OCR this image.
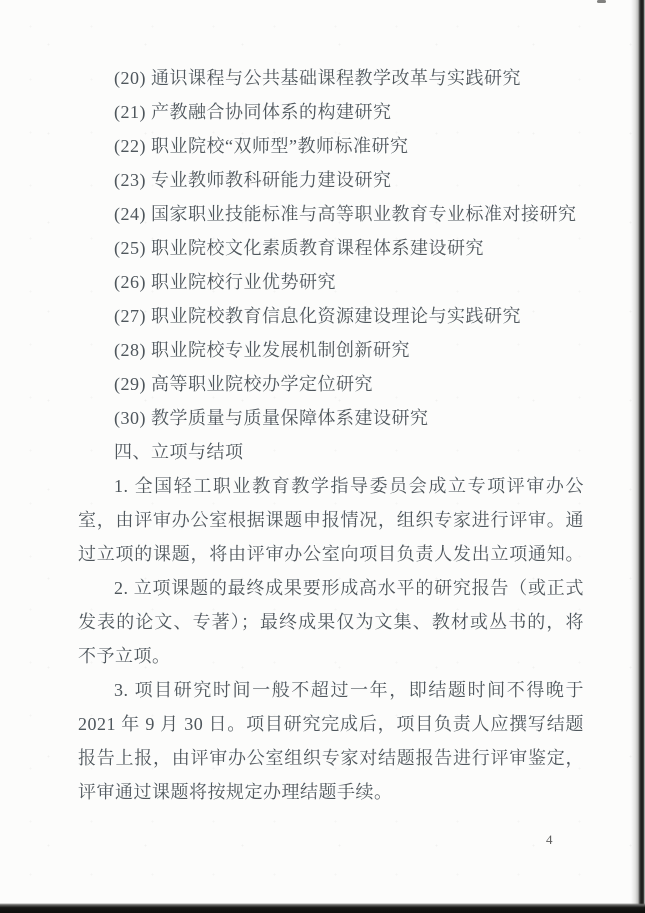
(20) 通识课程与公共基础课程教学改革与实践研究
(21) 产教融合协同体系的构建研究
(22) 职业院校“双师型”教师标准研究
(23) 专业教师教科研能力建设研究
(24) 国家职业技能标准与高等职业教育专业标准对接研究
(25) 职业院校文化素质教育课程体系建设研究
(26) 职业院校行业优势研究
(27) 职业院校教育信息化资源建设理论与实践研究
(28) 职业院校专业发展机制创新研究
(29) 高等职业院校办学定位研究
(30) 教学质量与质量保障体系建设研究
四、立项与结项
1. 全国轻工职业教育教学指导委员会成立专项评审办公
室，由评审办公室根据课题申报情况，组织专家进行评审。通
过立项的课题，将由评审办公室向项目负责人发出立项通知。
2. 立项课题的最终成果要形成高水平的研究报告（或正式
发表的论文、专著）；最终成果仅为文集、教材或丛书的，将
不予立项。
3. 项目研究时间一般不超过一年，即结题时间不得晚于
2021 年 9 月 30 日。项目研究完成后，项目负责人应撰写结题
报告上报，由评审办公室组织专家对结题报告进行评审鉴定，
评审通过课题将按规定办理结题手续。
4
